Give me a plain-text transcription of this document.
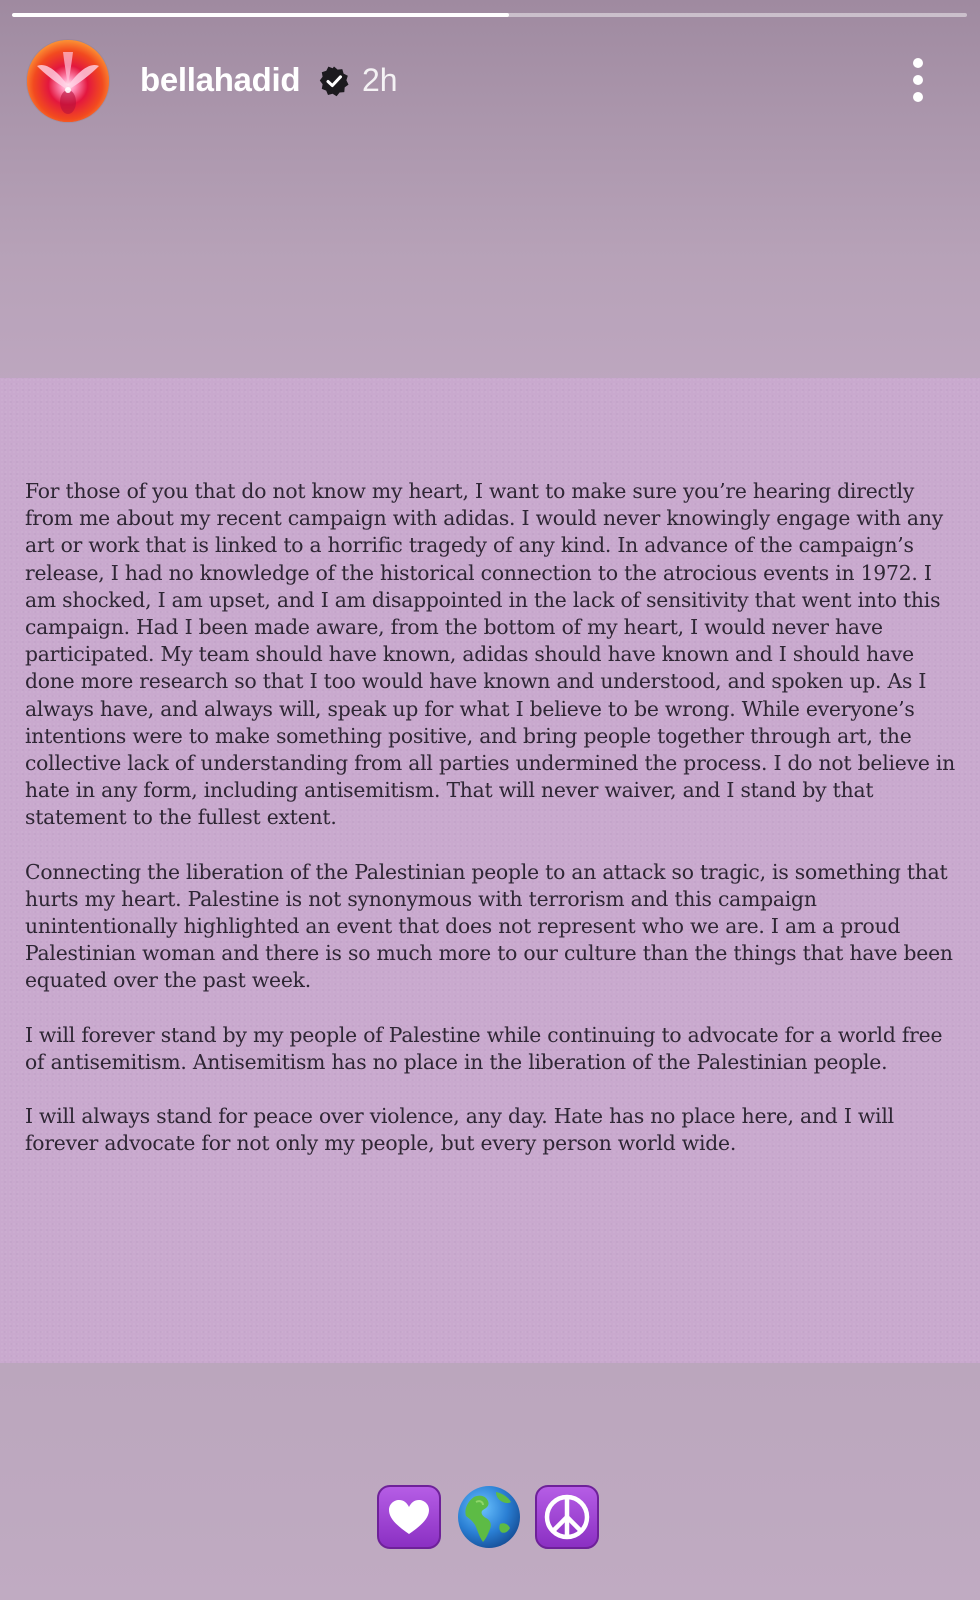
bellahadid 2h

For those of you that do not know my heart, I want to make sure you’re hearing directly from me about my recent campaign with adidas. I would never knowingly engage with any art or work that is linked to a horrific tragedy of any kind. In advance of the campaign’s release, I had no knowledge of the historical connection to the atrocious events in 1972. I am shocked, I am upset, and I am disappointed in the lack of sensitivity that went into this campaign. Had I been made aware, from the bottom of my heart, I would never have participated. My team should have known, adidas should have known and I should have done more research so that I too would have known and understood, and spoken up. As I always have, and always will, speak up for what I believe to be wrong. While everyone’s intentions were to make something positive, and bring people together through art, the collective lack of understanding from all parties undermined the process. I do not believe in hate in any form, including antisemitism. That will never waiver, and I stand by that statement to the fullest extent.

Connecting the liberation of the Palestinian people to an attack so tragic, is something that hurts my heart. Palestine is not synonymous with terrorism and this campaign unintentionally highlighted an event that does not represent who we are. I am a proud Palestinian woman and there is so much more to our culture than the things that have been equated over the past week.

I will forever stand by my people of Palestine while continuing to advocate for a world free of antisemitism. Antisemitism has no place in the liberation of the Palestinian people.

I will always stand for peace over violence, any day. Hate has no place here, and I will forever advocate for not only my people, but every person world wide.
